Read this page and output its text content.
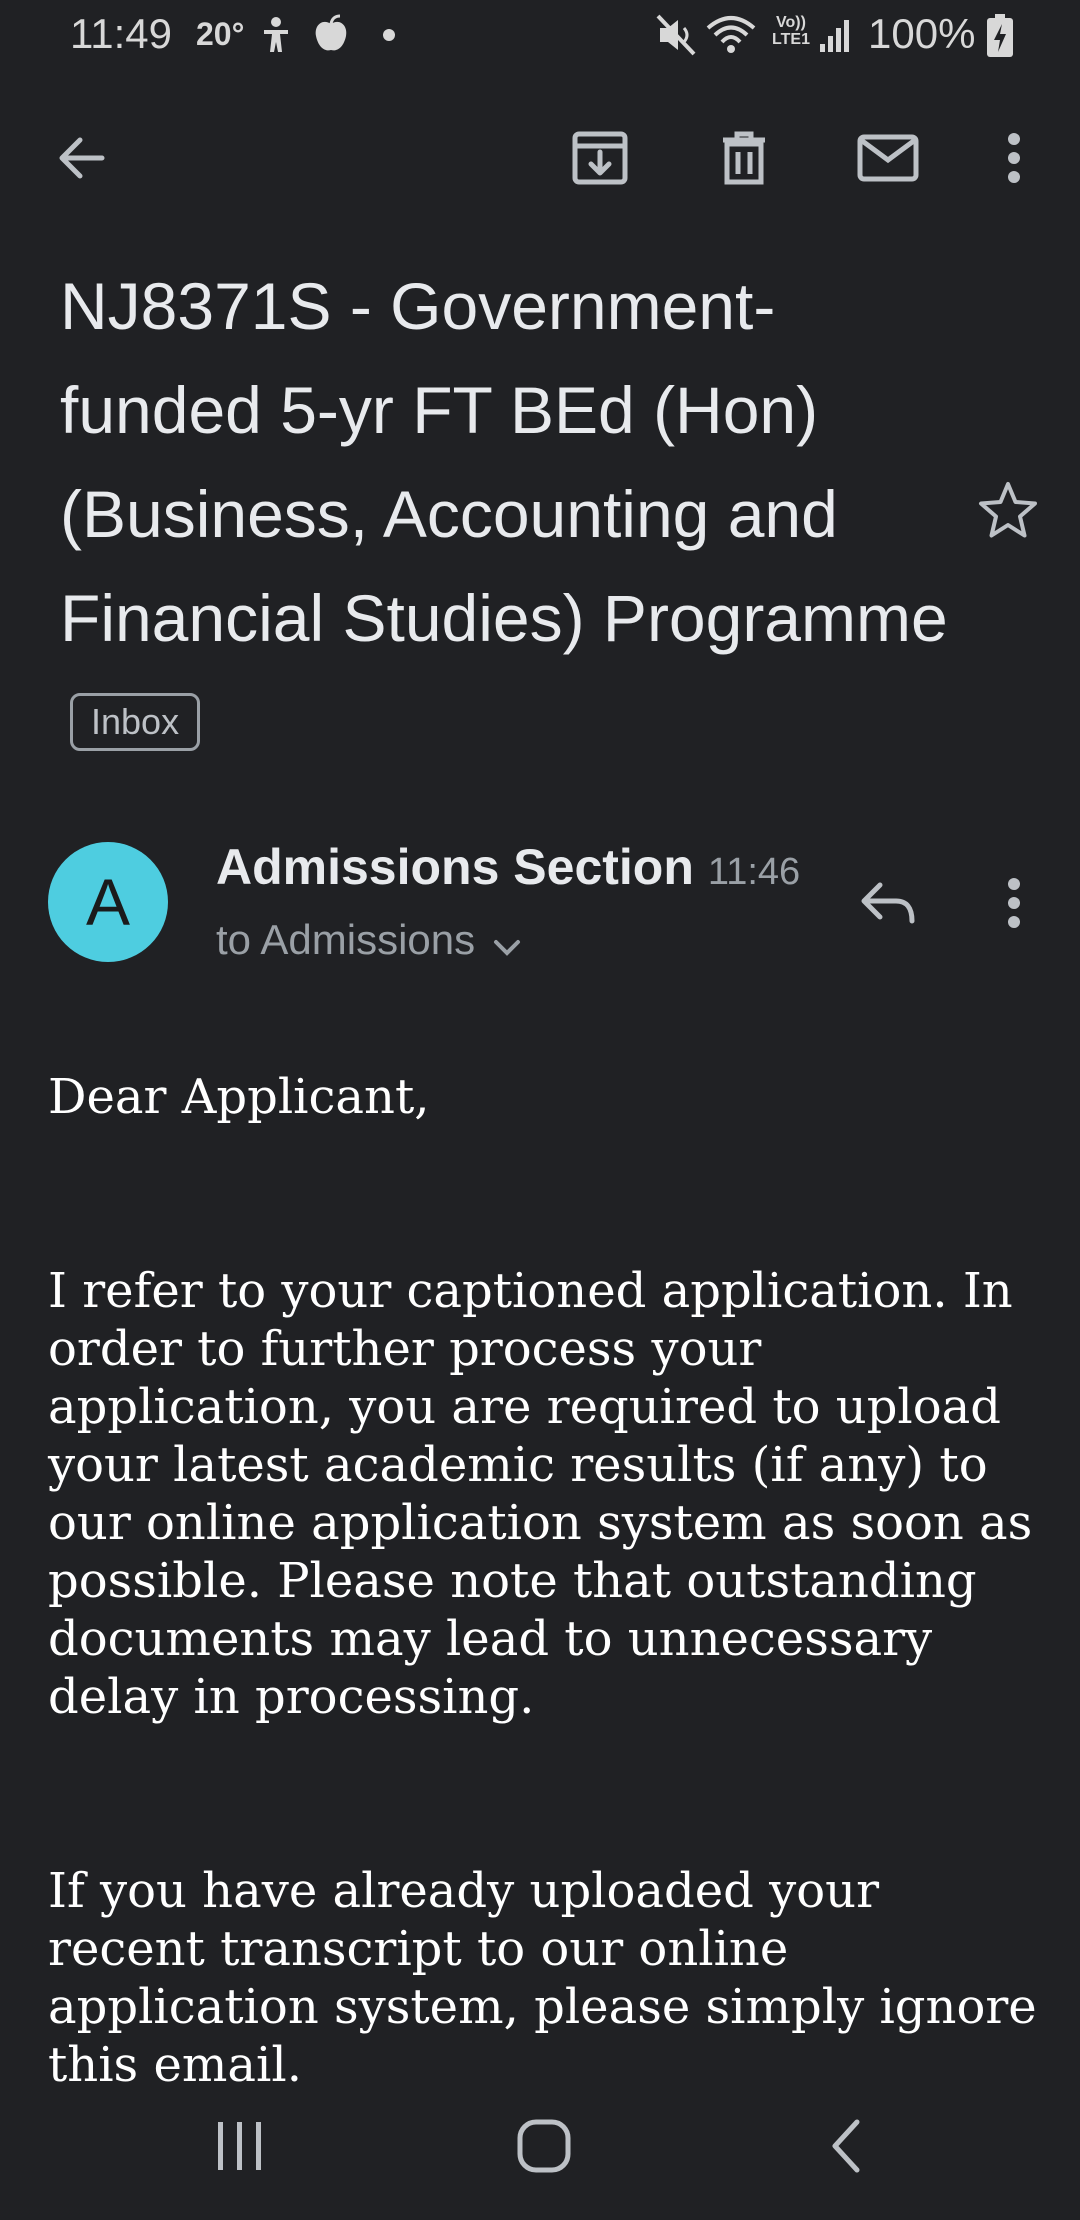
11:49 20°	Vo)) LTE1 100%
NJ8371S - Government-funded 5-yr FT BEd (Hon) (Business, Accounting and Financial Studies) Programme Inbox
A	Admissions Section 11:46
to Admissions

Dear Applicant,

I refer to your captioned application. In order to further process your application, you are required to upload your latest academic results (if any) to our online application system as soon as possible. Please note that outstanding documents may lead to unnecessary delay in processing.

If you have already uploaded your recent transcript to our online application system, please simply ignore this email.
